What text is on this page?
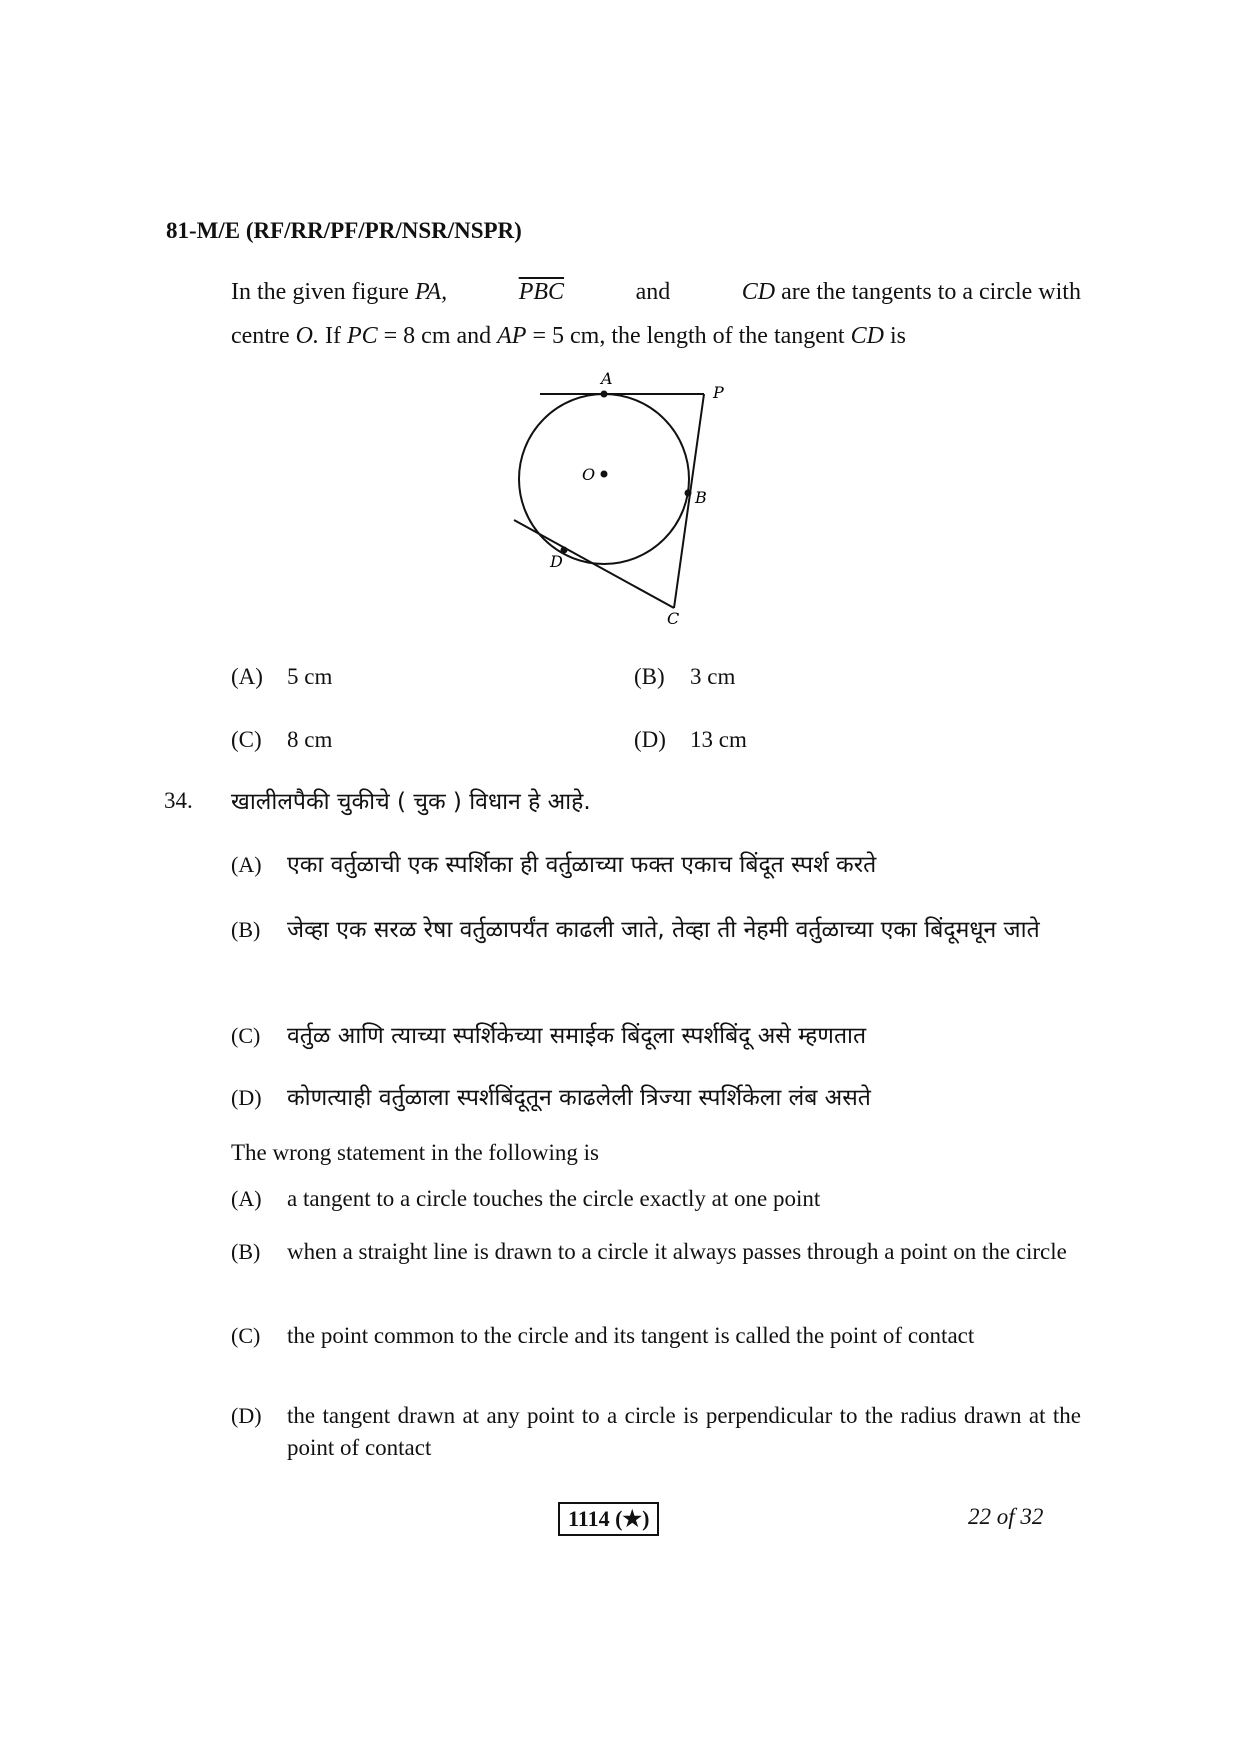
81-M/E (RF/RR/PF/PR/NSR/NSPR)
In the given figure PA,	$\overline{PBC}$	and	CD are the tangents to a circle with
centre O. If PC = 8 cm and AP = 5 cm, the length of the tangent CD is
A
P
O
B
D
C
(A)	5 cm	(B)	3 cm
(C)	8 cm	(D)	13 cm
34. खालीलपैकी चुकीचे ( चुक ) विधान हे आहे.
(A)	एका वर्तुळाची एक स्पर्शिका ही वर्तुळाच्या फक्त एकाच बिंदूत स्पर्श करते
(B)	जेव्हा एक सरळ रेषा वर्तुळापर्यंत काढली जाते, तेव्हा ती नेहमी वर्तुळाच्या एका बिंदूमधून जाते
(C)	वर्तुळ आणि त्याच्या स्पर्शिकेच्या समाईक बिंदूला स्पर्शबिंदू असे म्हणतात
(D)	कोणत्याही वर्तुळाला स्पर्शबिंदूतून काढलेली त्रिज्या स्पर्शिकेला लंब असते
The wrong statement in the following is
(A)	a tangent to a circle touches the circle exactly at one point
(B)	when a straight line is drawn to a circle it always passes through a point on the circle
(C)	the point common to the circle and its tangent is called the point of contact
(D)	the tangent drawn at any point to a circle is perpendicular to the radius drawn at the point of contact
1114 (★)	22 of 32
